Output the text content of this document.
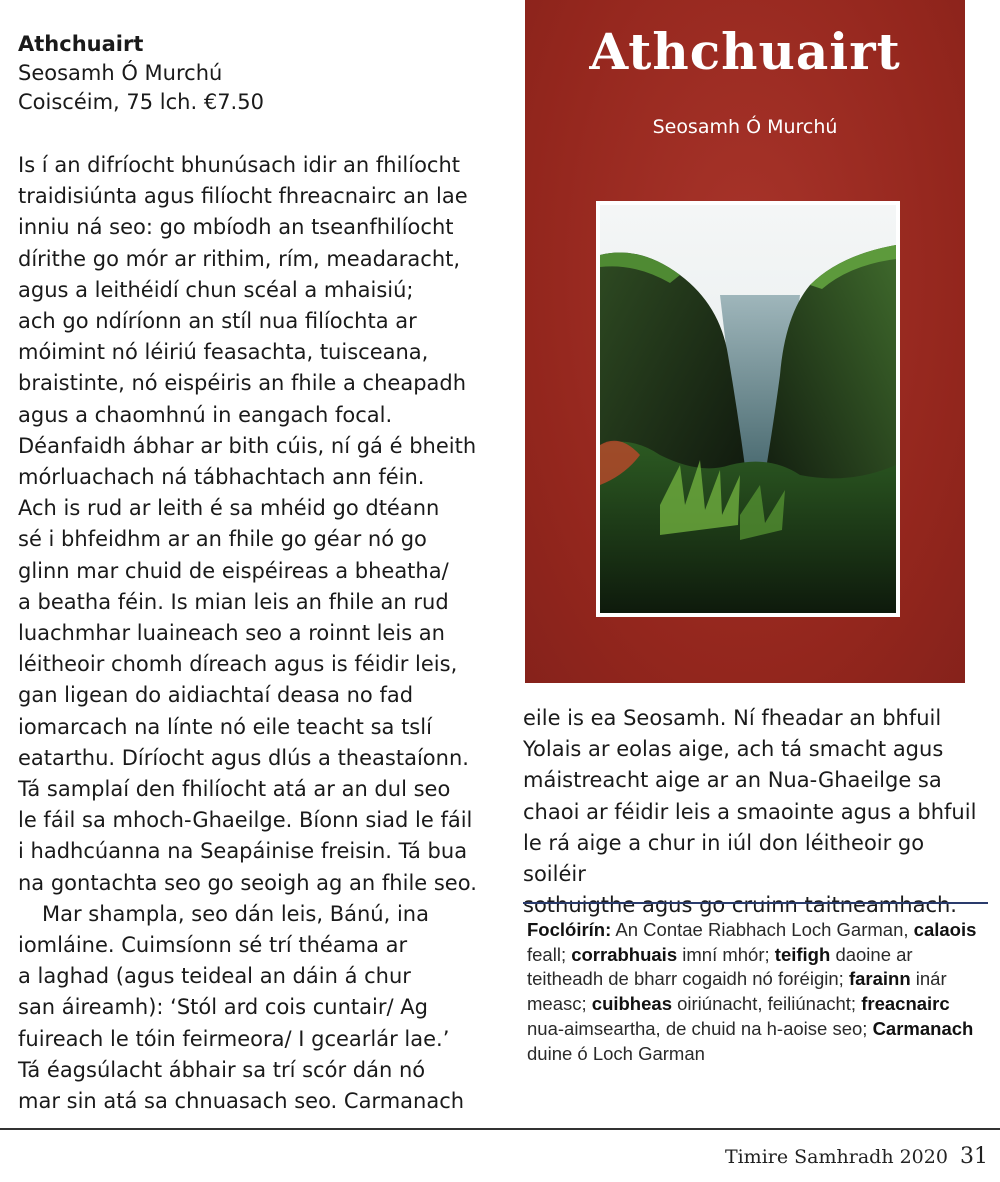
Athchuairt
Seosamh Ó Murchú
Coiscéim, 75 lch. €7.50

Is í an difríocht bhunúsach idir an fhilíocht
traidisiúnta agus filíocht fhreacnairc an lae
inniu ná seo: go mbíodh an tseanfhilíocht
dírithe go mór ar rithim, rím, meadaracht,
agus a leithéidí chun scéal a mhaisiú;
ach go ndíríonn an stíl nua filíochta ar
móimint nó léiriú feasachta, tuisceana,
braistinte, nó eispéiris an fhile a cheapadh
agus a chaomhnú in eangach focal.
Déanfaidh ábhar ar bith cúis, ní gá é bheith
mórluachach ná tábhachtach ann féin.
Ach is rud ar leith é sa mhéid go dtéann
sé i bhfeidhm ar an fhile go géar nó go
glinn mar chuid de eispéireas a bheatha/
a beatha féin. Is mian leis an fhile an rud
luachmhar luaineach seo a roinnt leis an
léitheoir chomh díreach agus is féidir leis,
gan ligean do aidiachtaí deasa no fad
iomarcach na línte nó eile teacht sa tslí
eatarthu. Díríocht agus dlús a theastaíonn.
Tá samplaí den fhilíocht atá ar an dul seo
le fáil sa mhoch-Ghaeilge. Bíonn siad le fáil
i hadhcúanna na Seapáinise freisin. Tá bua
na gontachta seo go seoigh ag an fhile seo.

Mar shampla, seo dán leis, Bánú, ina
iomláine. Cuimsíonn sé trí théama ar
a laghad (agus teideal an dáin á chur
san áireamh): ‘Stól ard cois cuntair/ Ag
fuireach le tóin feirmeora/ I gcearlár lae.’
Tá éagsúlacht ábhair sa trí scór dán nó
mar sin atá sa chnuasach seo. Carmanach

Athchuairt
Seosamh Ó Murchú

eile is ea Seosamh. Ní fheadar an bhfuil
Yolais ar eolas aige, ach tá smacht agus
máistreacht aige ar an Nua-Ghaeilge sa
chaoi ar féidir leis a smaointe agus a bhfuil
le rá aige a chur in iúl don léitheoir go soiléir
sothuigthe agus go cruinn taitneamhach.

Foclóirín: An Contae Riabhach Loch Garman, calaois feall; corrabhuais imní mhór; teifigh daoine ar teitheadh de bharr cogaidh nó foréigin; farainn inár measc; cuibheas oiriúnacht, feiliúnacht; freacnairc nua-aimseartha, de chuid na h-aoise seo; Carmanach duine ó Loch Garman
Timire Samhradh 2020 31
